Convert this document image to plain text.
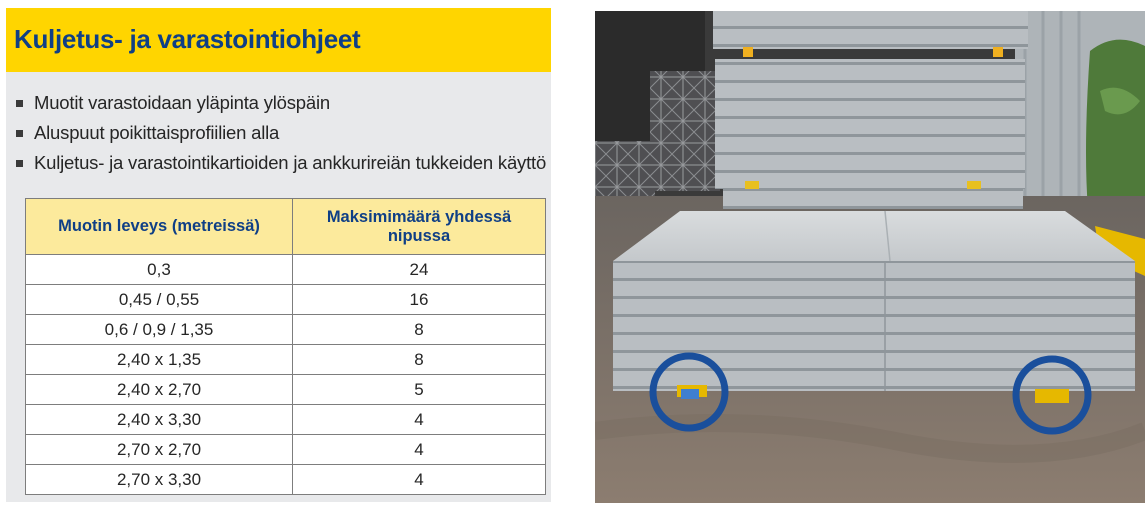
Kuljetus- ja varastointiohjeet
Muotit varastoidaan yläpinta ylöspäin
Aluspuut poikittaisprofiilien alla
Kuljetus- ja varastointikartioiden ja ankkurireiän tukkeiden käyttö
Muotin leveys (metreissä)	Maksimimäärä yhdessä nipussa
0,3	24
0,45 / 0,55	16
0,6 / 0,9 / 1,35	8
2,40 x 1,35	8
2,40 x 2,70	5
2,40 x 3,30	4
2,70 x 2,70	4
2,70 x 3,30	4
